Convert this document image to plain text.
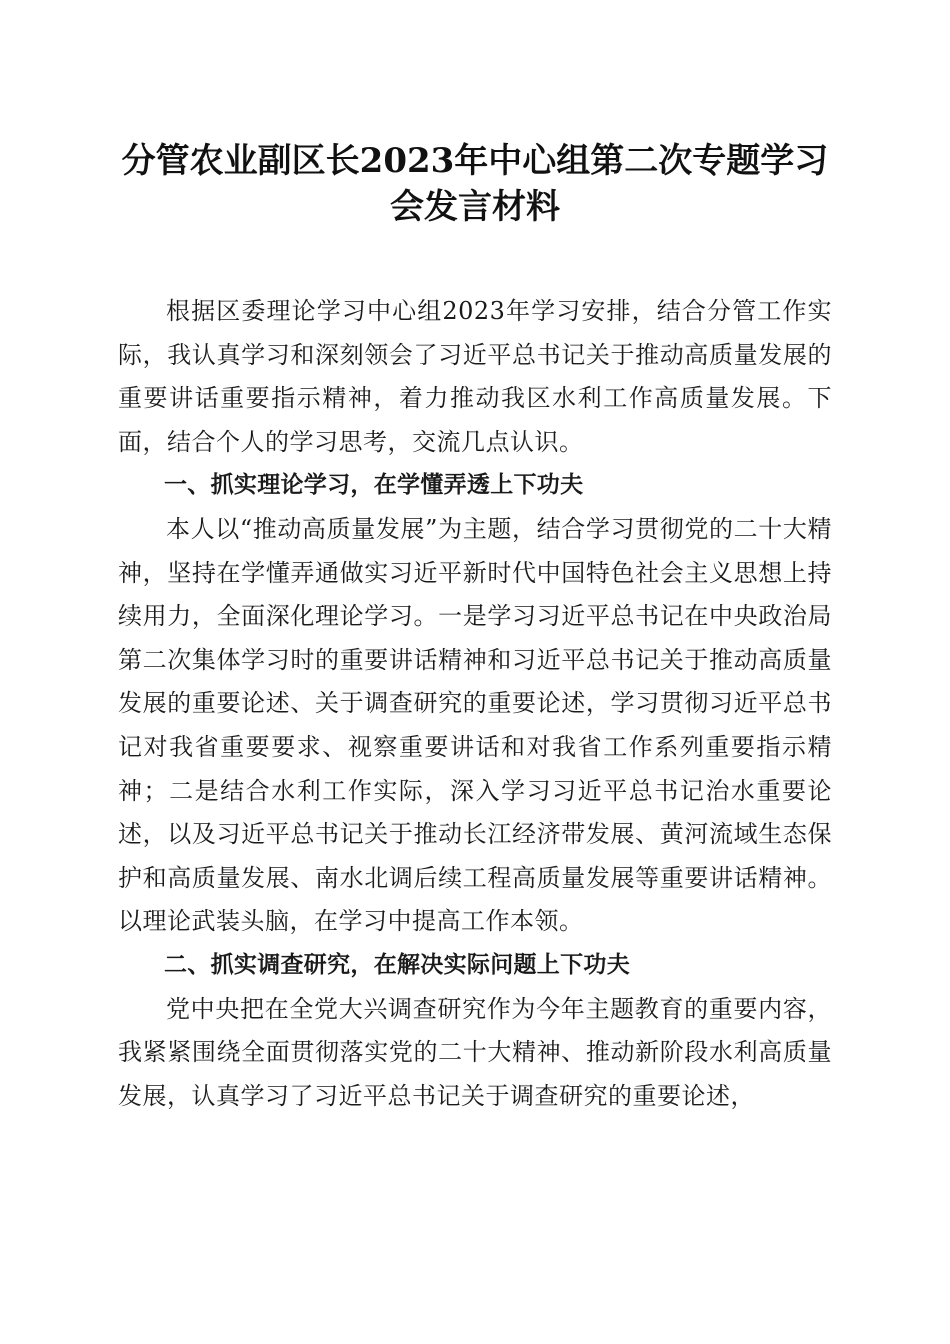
分管农业副区长2023年中心组第二次专题学习会发言材料

根据区委理论学习中心组2023年学习安排，结合分管工作实际，我认真学习和深刻领会了习近平总书记关于推动高质量发展的重要讲话重要指示精神，着力推动我区水利工作高质量发展。下面，结合个人的学习思考，交流几点认识。

一、抓实理论学习，在学懂弄透上下功夫

本人以“推动高质量发展”为主题，结合学习贯彻党的二十大精神，坚持在学懂弄通做实习近平新时代中国特色社会主义思想上持续用力，全面深化理论学习。一是学习习近平总书记在中央政治局第二次集体学习时的重要讲话精神和习近平总书记关于推动高质量发展的重要论述、关于调查研究的重要论述，学习贯彻习近平总书记对我省重要要求、视察重要讲话和对我省工作系列重要指示精神；二是结合水利工作实际，深入学习习近平总书记治水重要论述，以及习近平总书记关于推动长江经济带发展、黄河流域生态保护和高质量发展、南水北调后续工程高质量发展等重要讲话精神。以理论武装头脑，在学习中提高工作本领。

二、抓实调查研究，在解决实际问题上下功夫

党中央把在全党大兴调查研究作为今年主题教育的重要内容，我紧紧围绕全面贯彻落实党的二十大精神、推动新阶段水利高质量发展，认真学习了习近平总书记关于调查研究的重要论述，
